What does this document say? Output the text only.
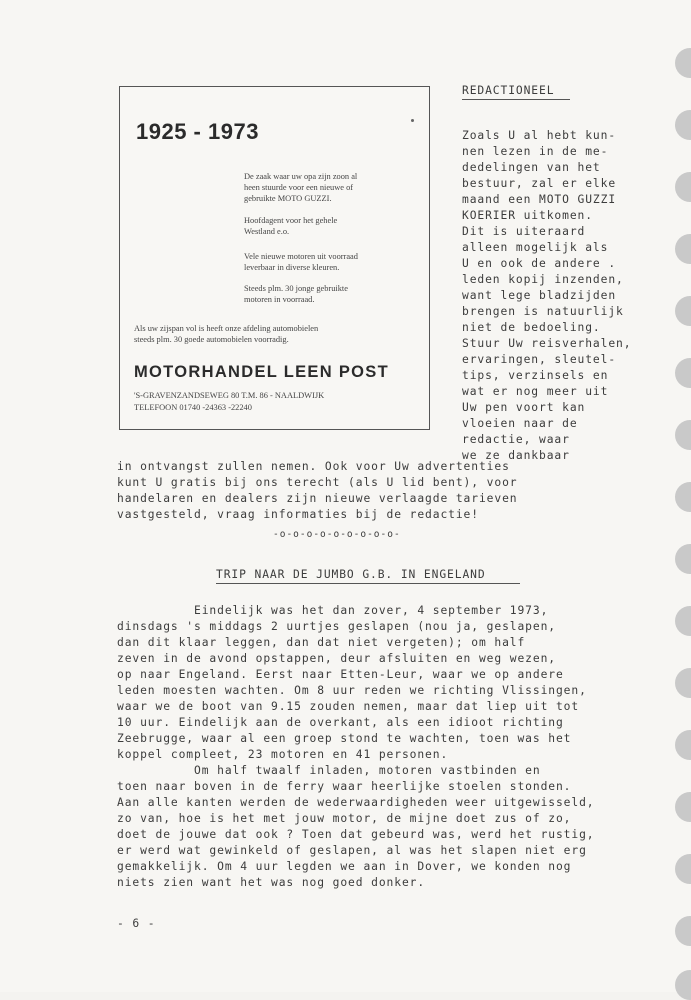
1925 - 1973
De zaak waar uw opa zijn zoon al
heen stuurde voor een nieuwe of
gebruikte MOTO GUZZI.
Hoofdagent voor het gehele
Westland e.o.
Vele nieuwe motoren uit voorraad
leverbaar in diverse kleuren.
Steeds plm. 30 jonge gebruikte
motoren in voorraad.
Als uw zijspan vol is heeft onze afdeling automobielen
steeds plm. 30 goede automobielen voorradig.
MOTORHANDEL LEEN POST
'S-GRAVENZANDSEWEG 80 T.M. 86 - NAALDWIJK
TELEFOON 01740 -24363 -22240
REDACTIONEEL
Zoals U al hebt kun-
nen lezen in de me-
dedelingen van het
bestuur, zal er elke
maand een MOTO GUZZI
KOERIER uitkomen.
Dit is uiteraard
alleen mogelijk als
U en ook de andere .
leden kopij inzenden,
want lege bladzijden
brengen is natuurlijk
niet de bedoeling.
Stuur Uw reisverhalen,
ervaringen, sleutel-
tips, verzinsels en
wat er nog meer uit
Uw pen voort kan
vloeien naar de
redactie, waar
we ze dankbaar
in ontvangst zullen nemen. Ook voor Uw advertenties
kunt U gratis bij ons terecht (als U lid bent), voor
handelaren en dealers zijn nieuwe verlaagde tarieven
vastgesteld, vraag informaties bij de redactie!
-o-o-o-o-o-o-o-o-o-
TRIP NAAR DE JUMBO G.B. IN ENGELAND
Eindelijk was het dan zover, 4 september 1973,
dinsdags 's middags 2 uurtjes geslapen (nou ja, geslapen,
dan dit klaar leggen, dan dat niet vergeten); om half
zeven in de avond opstappen, deur afsluiten en weg wezen,
op naar Engeland. Eerst naar Etten-Leur, waar we op andere
leden moesten wachten. Om 8 uur reden we richting Vlissingen,
waar we de boot van 9.15 zouden nemen, maar dat liep uit tot
10 uur. Eindelijk aan de overkant, als een idioot richting
Zeebrugge, waar al een groep stond te wachten, toen was het
koppel compleet, 23 motoren en 41 personen.
Om half twaalf inladen, motoren vastbinden en
toen naar boven in de ferry waar heerlijke stoelen stonden.
Aan alle kanten werden de wederwaardigheden weer uitgewisseld,
zo van, hoe is het met jouw motor, de mijne doet zus of zo,
doet de jouwe dat ook ? Toen dat gebeurd was, werd het rustig,
er werd wat gewinkeld of geslapen, al was het slapen niet erg
gemakkelijk. Om 4 uur legden we aan in Dover, we konden nog
niets zien want het was nog goed donker.
- 6 -
